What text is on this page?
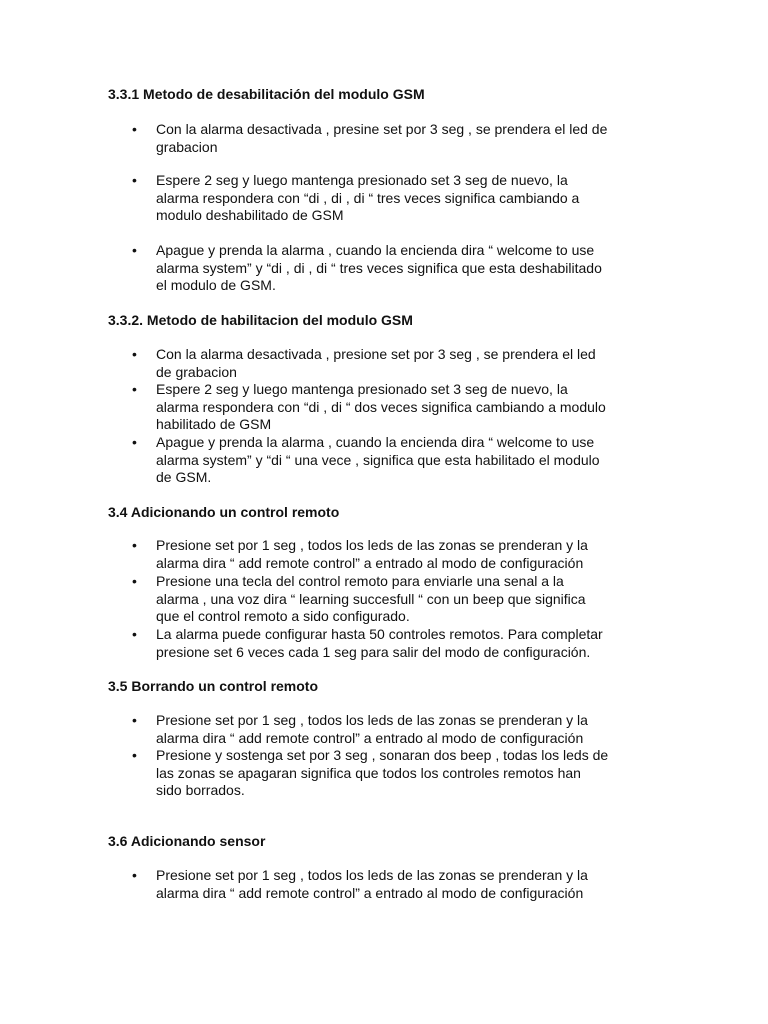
3.3.1 Metodo de desabilitación del modulo GSM
• Con la alarma desactivada , presine set por 3 seg , se prendera el led de
grabacion
• Espere 2 seg y luego mantenga presionado set 3 seg de nuevo, la
alarma respondera con “di , di , di “ tres veces significa cambiando a
modulo deshabilitado de GSM
• Apague y prenda la alarma , cuando la encienda dira “ welcome to use
alarma system” y “di , di , di “ tres veces significa que esta deshabilitado
el modulo de GSM.
3.3.2. Metodo de habilitacion del modulo GSM
• Con la alarma desactivada , presione set por 3 seg , se prendera el led
de grabacion
• Espere 2 seg y luego mantenga presionado set 3 seg de nuevo, la
alarma respondera con “di , di “ dos veces significa cambiando a modulo
habilitado de GSM
• Apague y prenda la alarma , cuando la encienda dira “ welcome to use
alarma system” y “di “ una vece , significa que esta habilitado el modulo
de GSM.
3.4 Adicionando un control remoto
• Presione set por 1 seg , todos los leds de las zonas se prenderan y la
alarma dira “ add remote control” a entrado al modo de configuración
• Presione una tecla del control remoto para enviarle una senal a la
alarma , una voz dira “ learning succesfull “ con un beep que significa
que el control remoto a sido configurado.
• La alarma puede configurar hasta 50 controles remotos. Para completar
presione set 6 veces cada 1 seg para salir del modo de configuración.
3.5 Borrando un control remoto
• Presione set por 1 seg , todos los leds de las zonas se prenderan y la
alarma dira “ add remote control” a entrado al modo de configuración
• Presione y sostenga set por 3 seg , sonaran dos beep , todas los leds de
las zonas se apagaran significa que todos los controles remotos han
sido borrados.
3.6 Adicionando sensor
• Presione set por 1 seg , todos los leds de las zonas se prenderan y la
alarma dira “ add remote control” a entrado al modo de configuración
